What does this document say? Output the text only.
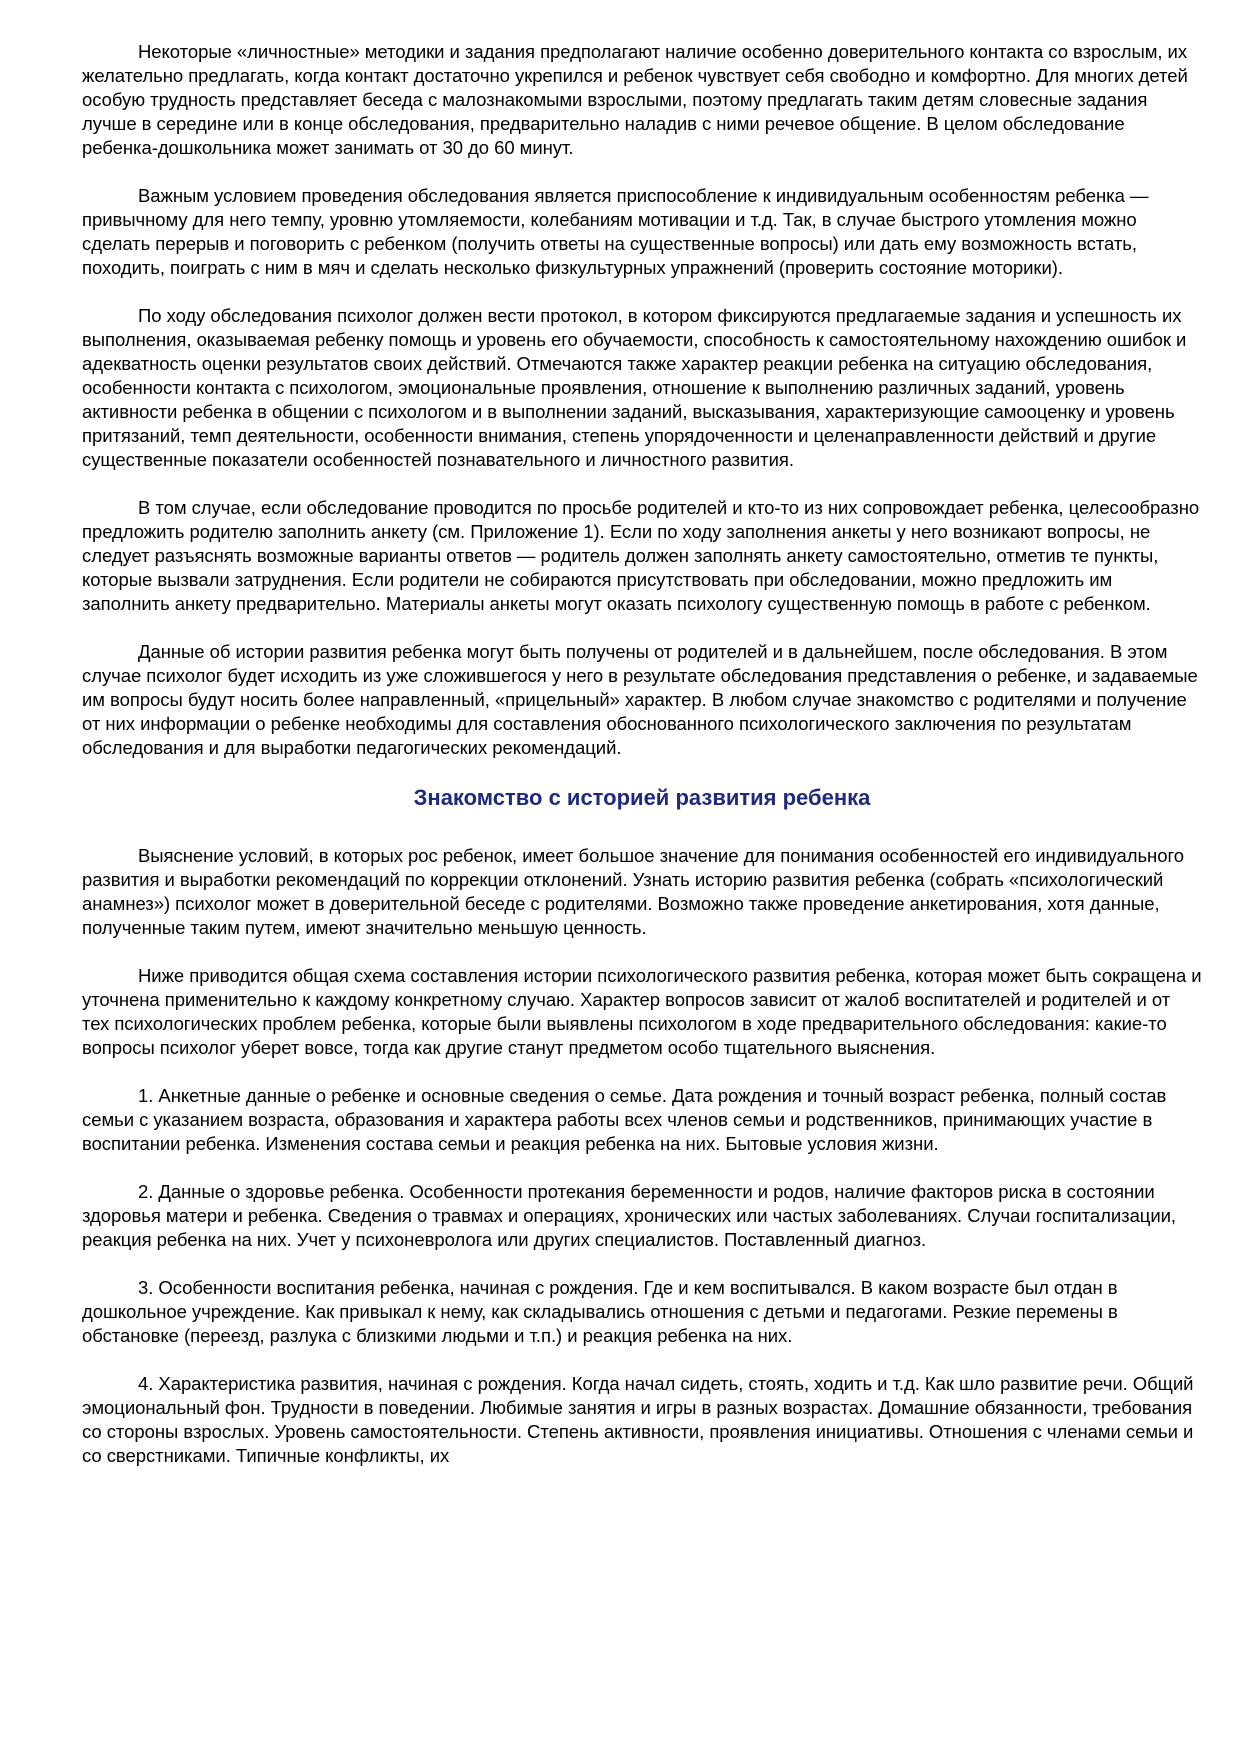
Некоторые «личностные» методики и задания предполагают наличие особенно доверительного контакта со взрослым, их желательно предлагать, когда контакт достаточно укрепился и ребенок чувствует себя свободно и комфортно. Для многих детей особую трудность представляет беседа с малознакомыми взрослыми, поэтому предлагать таким детям словесные задания лучше в середине или в конце обследования, предварительно наладив с ними речевое общение. В целом обследование ребенка-дошкольника может занимать от 30 до 60 минут.

Важным условием проведения обследования является приспособление к индивидуальным особенностям ребенка — привычному для него темпу, уровню утомляемости, колебаниям мотивации и т.д. Так, в случае быстрого утомления можно сделать перерыв и поговорить с ребенком (получить ответы на существенные вопросы) или дать ему возможность встать, походить, поиграть с ним в мяч и сделать несколько физкультурных упражнений (проверить состояние моторики).

По ходу обследования психолог должен вести протокол, в котором фиксируются предлагаемые задания и успешность их выполнения, оказываемая ребенку помощь и уровень его обучаемости, способность к самостоятельному нахождению ошибок и адекватность оценки результатов своих действий. Отмечаются также характер реакции ребенка на ситуацию обследования, особенности контакта с психологом, эмоциональные проявления, отношение к выполнению различных заданий, уровень активности ребенка в общении с психологом и в выполнении заданий, высказывания, характеризующие самооценку и уровень притязаний, темп деятельности, особенности внимания, степень упорядоченности и целенаправленности действий и другие существенные показатели особенностей познавательного и личностного развития.

В том случае, если обследование проводится по просьбе родителей и кто-то из них сопровождает ребенка, целесообразно предложить родителю заполнить анкету (см. Приложение 1). Если по ходу заполнения анкеты у него возникают вопросы, не следует разъяснять возможные варианты ответов — родитель должен заполнять анкету самостоятельно, отметив те пункты, которые вызвали затруднения. Если родители не собираются присутствовать при обследовании, можно предложить им заполнить анкету предварительно. Материалы анкеты могут оказать психологу существенную помощь в работе с ребенком.

Данные об истории развития ребенка могут быть получены от родителей и в дальнейшем, после обследования. В этом случае психолог будет исходить из уже сложившегося у него в результате обследования представления о ребенке, и задаваемые им вопросы будут носить более направленный, «прицельный» характер. В любом случае знакомство с родителями и получение от них информации о ребенке необходимы для составления обоснованного психологического заключения по результатам обследования и для выработки педагогических рекомендаций.

Знакомство с историей развития ребенка

Выяснение условий, в которых рос ребенок, имеет большое значение для понимания особенностей его индивидуального развития и выработки рекомендаций по коррекции отклонений. Узнать историю развития ребенка (собрать «психологический анамнез») психолог может в доверительной беседе с родителями. Возможно также проведение анкетирования, хотя данные, полученные таким путем, имеют значительно меньшую ценность.

Ниже приводится общая схема составления истории психологического развития ребенка, которая может быть сокращена и уточнена применительно к каждому конкретному случаю. Характер вопросов зависит от жалоб воспитателей и родителей и от тех психологических проблем ребенка, которые были выявлены психологом в ходе предварительного обследования: какие-то вопросы психолог уберет вовсе, тогда как другие станут предметом особо тщательного выяснения.

1. Анкетные данные о ребенке и основные сведения о семье. Дата рождения и точный возраст ребенка, полный состав семьи с указанием возраста, образования и характера работы всех членов семьи и родственников, принимающих участие в воспитании ребенка. Изменения состава семьи и реакция ребенка на них. Бытовые условия жизни.

2. Данные о здоровье ребенка. Особенности протекания беременности и родов, наличие факторов риска в состоянии здоровья матери и ребенка. Сведения о травмах и операциях, хронических или частых заболеваниях. Случаи госпитализации, реакция ребенка на них. Учет у психоневролога или других специалистов. Поставленный диагноз.

3. Особенности воспитания ребенка, начиная с рождения. Где и кем воспитывался. В каком возрасте был отдан в дошкольное учреждение. Как привыкал к нему, как складывались отношения с детьми и педагогами. Резкие перемены в обстановке (переезд, разлука с близкими людьми и т.п.) и реакция ребенка на них.

4. Характеристика развития, начиная с рождения. Когда начал сидеть, стоять, ходить и т.д. Как шло развитие речи. Общий эмоциональный фон. Трудности в поведении. Любимые занятия и игры в разных возрастах. Домашние обязанности, требования со стороны взрослых. Уровень самостоятельности. Степень активности, проявления инициативы. Отношения с членами семьи и со сверстниками. Типичные конфликты, их
